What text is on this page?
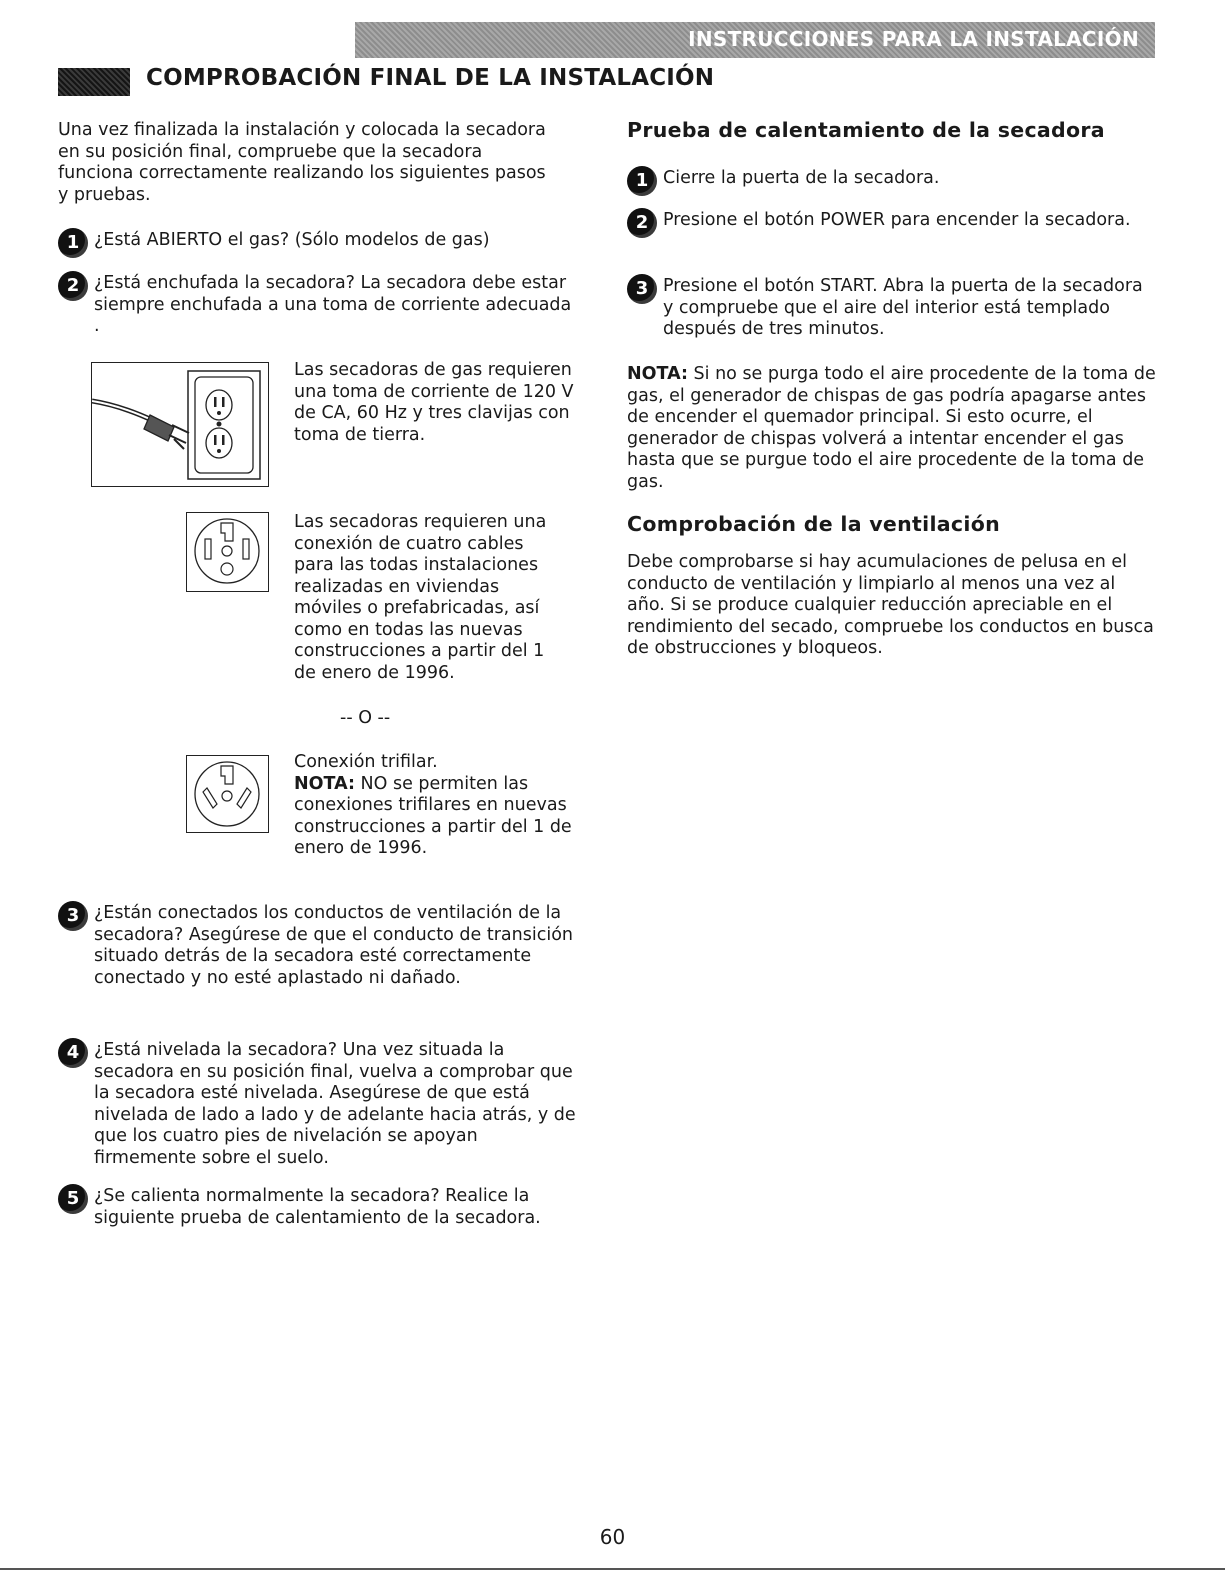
INSTRUCCIONES PARA LA INSTALACIÓN
COMPROBACIÓN FINAL DE LA INSTALACIÓN
Una vez finalizada la instalación y colocada la secadora en su posición final, compruebe que la secadora funciona correctamente realizando los siguientes pasos y pruebas.
1 ¿Está ABIERTO el gas? (Sólo modelos de gas)
2 ¿Está enchufada la secadora? La secadora debe estar siempre enchufada a una toma de corriente adecuada .
Las secadoras de gas requieren una toma de corriente de 120 V de CA, 60 Hz y tres clavijas con toma de tierra.
Las secadoras requieren una conexión de cuatro cables para las todas instalaciones realizadas en viviendas móviles o prefabricadas, así como en todas las nuevas construcciones a partir del 1 de enero de 1996.
-- O --
Conexión trifilar.
NOTA: NO se permiten las conexiones trifilares en nuevas construcciones a partir del 1 de enero de 1996.
3 ¿Están conectados los conductos de ventilación de la secadora? Asegúrese de que el conducto de transición situado detrás de la secadora esté correctamente conectado y no esté aplastado ni dañado.
4 ¿Está nivelada la secadora? Una vez situada la secadora en su posición final, vuelva a comprobar que la secadora esté nivelada. Asegúrese de que está nivelada de lado a lado y de adelante hacia atrás, y de que los cuatro pies de nivelación se apoyan firmemente sobre el suelo.
5 ¿Se calienta normalmente la secadora? Realice la siguiente prueba de calentamiento de la secadora.
Prueba de calentamiento de la secadora
1 Cierre la puerta de la secadora.
2 Presione el botón POWER para encender la secadora.
3 Presione el botón START. Abra la puerta de la secadora y compruebe que el aire del interior está templado después de tres minutos.
NOTA: Si no se purga todo el aire procedente de la toma de gas, el generador de chispas de gas podría apagarse antes de encender el quemador principal. Si esto ocurre, el generador de chispas volverá a intentar encender el gas hasta que se purgue todo el aire procedente de la toma de gas.
Comprobación de la ventilación
Debe comprobarse si hay acumulaciones de pelusa en el conducto de ventilación y limpiarlo al menos una vez al año. Si se produce cualquier reducción apreciable en el rendimiento del secado, compruebe los conductos en busca de obstrucciones y bloqueos.
60
